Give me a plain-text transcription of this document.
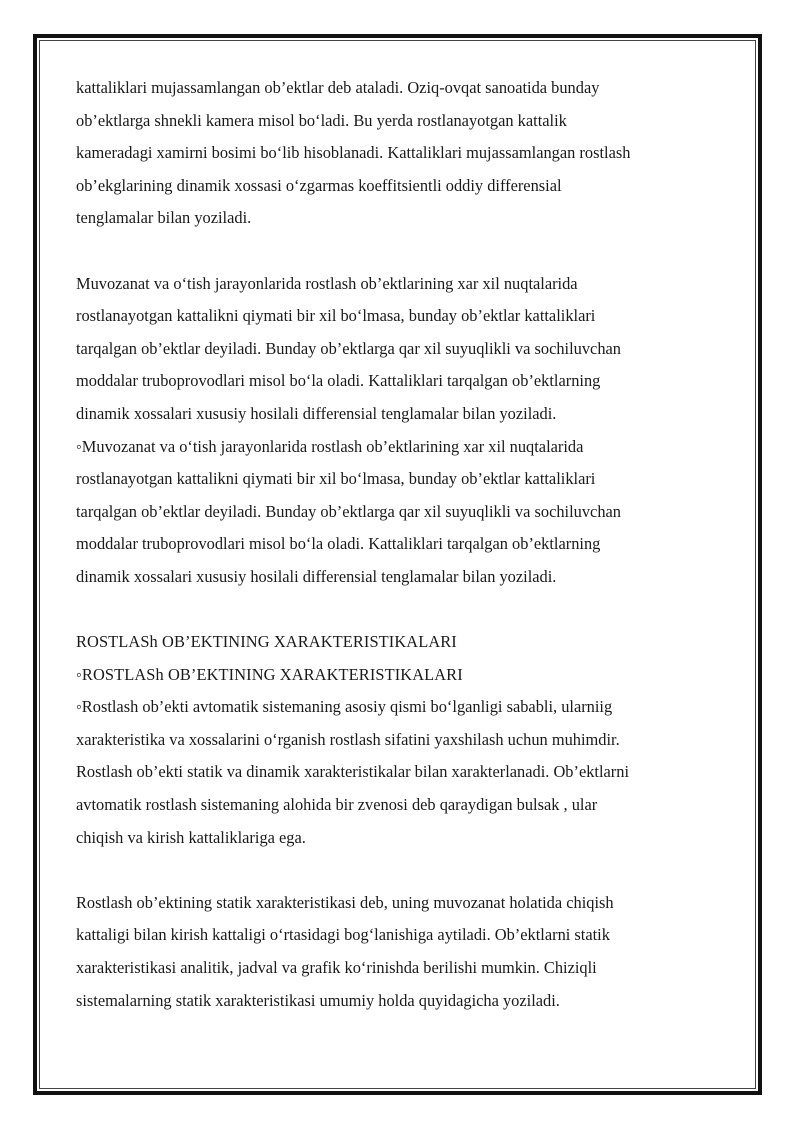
kattaliklari mujassamlangan ob’ektlar deb ataladi. Oziq-ovqat sanoatida bunday
ob’ektlarga shnekli kamera misol bo‘ladi. Bu yerda rostlanayotgan kattalik
kameradagi xamirni bosimi bo‘lib hisoblanadi. Kattaliklari mujassamlangan rostlash
ob’ekglarining dinamik xossasi o‘zgarmas koeffitsientli oddiy differensial
tenglamalar bilan yoziladi.

Muvozanat va o‘tish jarayonlarida rostlash ob’ektlarining xar xil nuqtalarida
rostlanayotgan kattalikni qiymati bir xil bo‘lmasa, bunday ob’ektlar kattaliklari
tarqalgan ob’ektlar deyiladi. Bunday ob’ektlarga qar xil suyuqlikli va sochiluvchan
moddalar truboprovodlari misol bo‘la oladi. Kattaliklari tarqalgan ob’ektlarning
dinamik xossalari xususiy hosilali differensial tenglamalar bilan yoziladi.

◦Muvozanat va o‘tish jarayonlarida rostlash ob’ektlarining xar xil nuqtalarida
rostlanayotgan kattalikni qiymati bir xil bo‘lmasa, bunday ob’ektlar kattaliklari
tarqalgan ob’ektlar deyiladi. Bunday ob’ektlarga qar xil suyuqlikli va sochiluvchan
moddalar truboprovodlari misol bo‘la oladi. Kattaliklari tarqalgan ob’ektlarning
dinamik xossalari xususiy hosilali differensial tenglamalar bilan yoziladi.

ROSTLASh OB’EKTINING XARAKTERISTIKALARI

◦ROSTLASh OB’EKTINING XARAKTERISTIKALARI

◦Rostlash ob’ekti avtomatik sistemaning asosiy qismi bo‘lganligi sababli, ularniig
xarakteristika va xossalarini o‘rganish rostlash sifatini yaxshilash uchun muhimdir.
Rostlash ob’ekti statik va dinamik xarakteristikalar bilan xarakterlanadi. Ob’ektlarni
avtomatik rostlash sistemaning alohida bir zvenosi deb qaraydigan bulsak , ular
chiqish va kirish kattaliklariga ega.

Rostlash ob’ektining statik xarakteristikasi deb, uning muvozanat holatida chiqish
kattaligi bilan kirish kattaligi o‘rtasidagi bog‘lanishiga aytiladi. Ob’ektlarni statik
xarakteristikasi analitik, jadval va grafik ko‘rinishda berilishi mumkin. Chiziqli
sistemalarning statik xarakteristikasi umumiy holda quyidagicha yoziladi.
